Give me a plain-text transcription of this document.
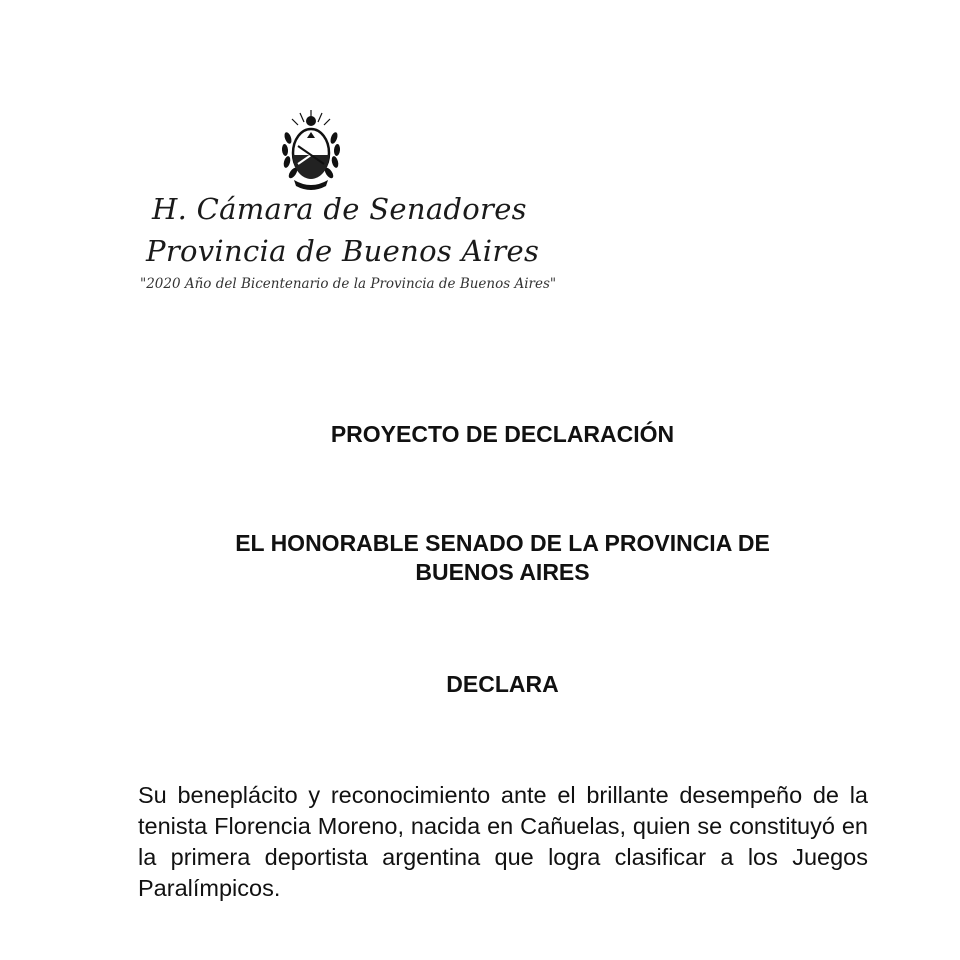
H. Cámara de Senadores
Provincia de Buenos Aires
"2020 Año del Bicentenario de la Provincia de Buenos Aires"
PROYECTO DE DECLARACIÓN
EL HONORABLE SENADO DE LA PROVINCIA DE
BUENOS AIRES
DECLARA

Su beneplácito y reconocimiento ante el brillante desempeño de la tenista Florencia Moreno, nacida en Cañuelas, quien se constituyó en la primera deportista argentina que logra clasificar a los Juegos Paralímpicos.
